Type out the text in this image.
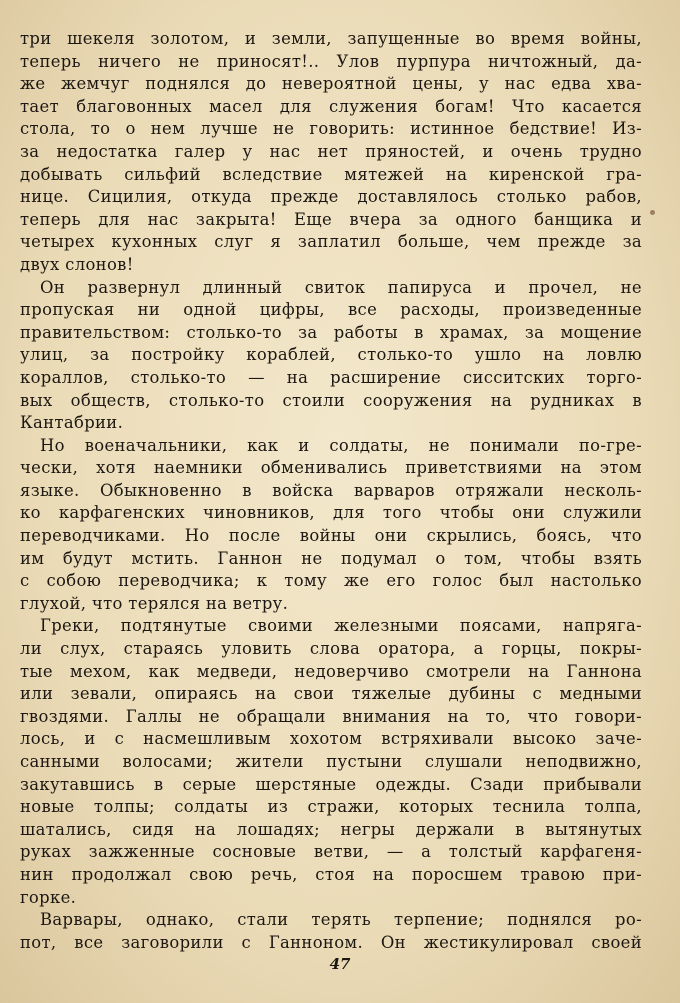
три шекеля золотом, и земли, запущенные во время войны,
теперь ничего не приносят!.. Улов пурпура ничтожный, да-
же жемчуг поднялся до невероятной цены, у нас едва хва-
тает благовонных масел для служения богам! Что касается
стола, то о нем лучше не говорить: истинное бедствие! Из-
за недостатка галер у нас нет пряностей, и очень трудно
добывать сильфий вследствие мятежей на киренской гра-
нице. Сицилия, откуда прежде доставлялось столько рабов,
теперь для нас закрыта! Еще вчера за одного банщика и
четырех кухонных слуг я заплатил больше, чем прежде за
двух слонов!
Он развернул длинный свиток папируса и прочел, не
пропуская ни одной цифры, все расходы, произведенные
правительством: столько-то за работы в храмах, за мощение
улиц, за постройку кораблей, столько-то ушло на ловлю
кораллов, столько-то — на расширение сисситских торго-
вых обществ, столько-то стоили сооружения на рудниках в
Кантабрии.
Но военачальники, как и солдаты, не понимали по-гре-
чески, хотя наемники обменивались приветствиями на этом
языке. Обыкновенно в войска варваров отряжали несколь-
ко карфагенских чиновников, для того чтобы они служили
переводчиками. Но после войны они скрылись, боясь, что
им будут мстить. Ганнон не подумал о том, чтобы взять
с собою переводчика; к тому же его голос был настолько
глухой, что терялся на ветру.
Греки, подтянутые своими железными поясами, напряга-
ли слух, стараясь уловить слова оратора, а горцы, покры-
тые мехом, как медведи, недоверчиво смотрели на Ганнона
или зевали, опираясь на свои тяжелые дубины с медными
гвоздями. Галлы не обращали внимания на то, что говори-
лось, и с насмешливым хохотом встряхивали высоко заче-
санными волосами; жители пустыни слушали неподвижно,
закутавшись в серые шерстяные одежды. Сзади прибывали
новые толпы; солдаты из стражи, которых теснила толпа,
шатались, сидя на лошадях; негры держали в вытянутых
руках зажженные сосновые ветви, — а толстый карфагеня-
нин продолжал свою речь, стоя на поросшем травою при-
горке.
Варвары, однако, стали терять терпение; поднялся ро-
пот, все заговорили с Ганноном. Он жестикулировал своей
47
